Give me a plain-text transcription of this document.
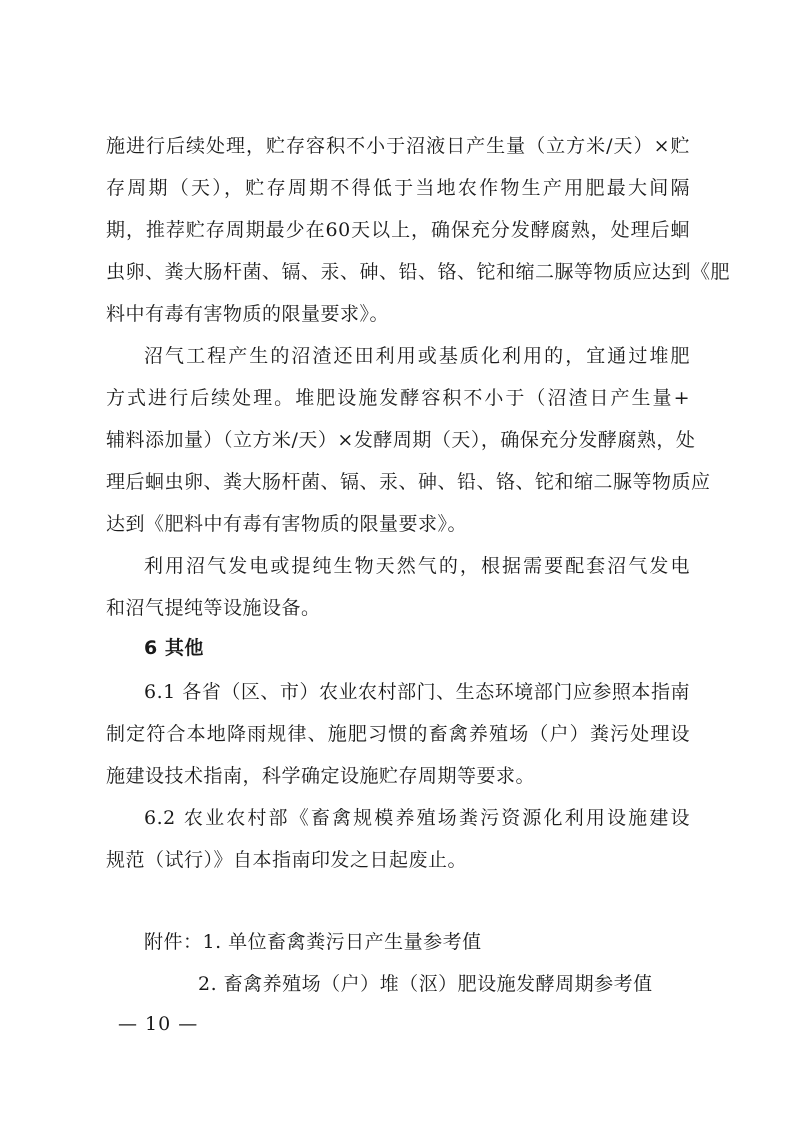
施进行后续处理，贮存容积不小于沼液日产生量（立方米/天）×贮
存周期（天），贮存周期不得低于当地农作物生产用肥最大间隔
期，推荐贮存周期最少在60天以上，确保充分发酵腐熟，处理后蛔
虫卵、粪大肠杆菌、镉、汞、砷、铅、铬、铊和缩二脲等物质应达到《肥
料中有毒有害物质的限量要求》。
沼气工程产生的沼渣还田利用或基质化利用的，宜通过堆肥
方式进行后续处理。堆肥设施发酵容积不小于（沼渣日产生量+
辅料添加量）（立方米/天）×发酵周期（天），确保充分发酵腐熟，处
理后蛔虫卵、粪大肠杆菌、镉、汞、砷、铅、铬、铊和缩二脲等物质应
达到《肥料中有毒有害物质的限量要求》。
利用沼气发电或提纯生物天然气的，根据需要配套沼气发电
和沼气提纯等设施设备。
6 其他
6.1 各省（区、市）农业农村部门、生态环境部门应参照本指南
制定符合本地降雨规律、施肥习惯的畜禽养殖场（户）粪污处理设
施建设技术指南，科学确定设施贮存周期等要求。
6.2 农业农村部《畜禽规模养殖场粪污资源化利用设施建设
规范（试行）》自本指南印发之日起废止。
附件：1. 单位畜禽粪污日产生量参考值
2. 畜禽养殖场（户）堆（沤）肥设施发酵周期参考值
— 10 —
